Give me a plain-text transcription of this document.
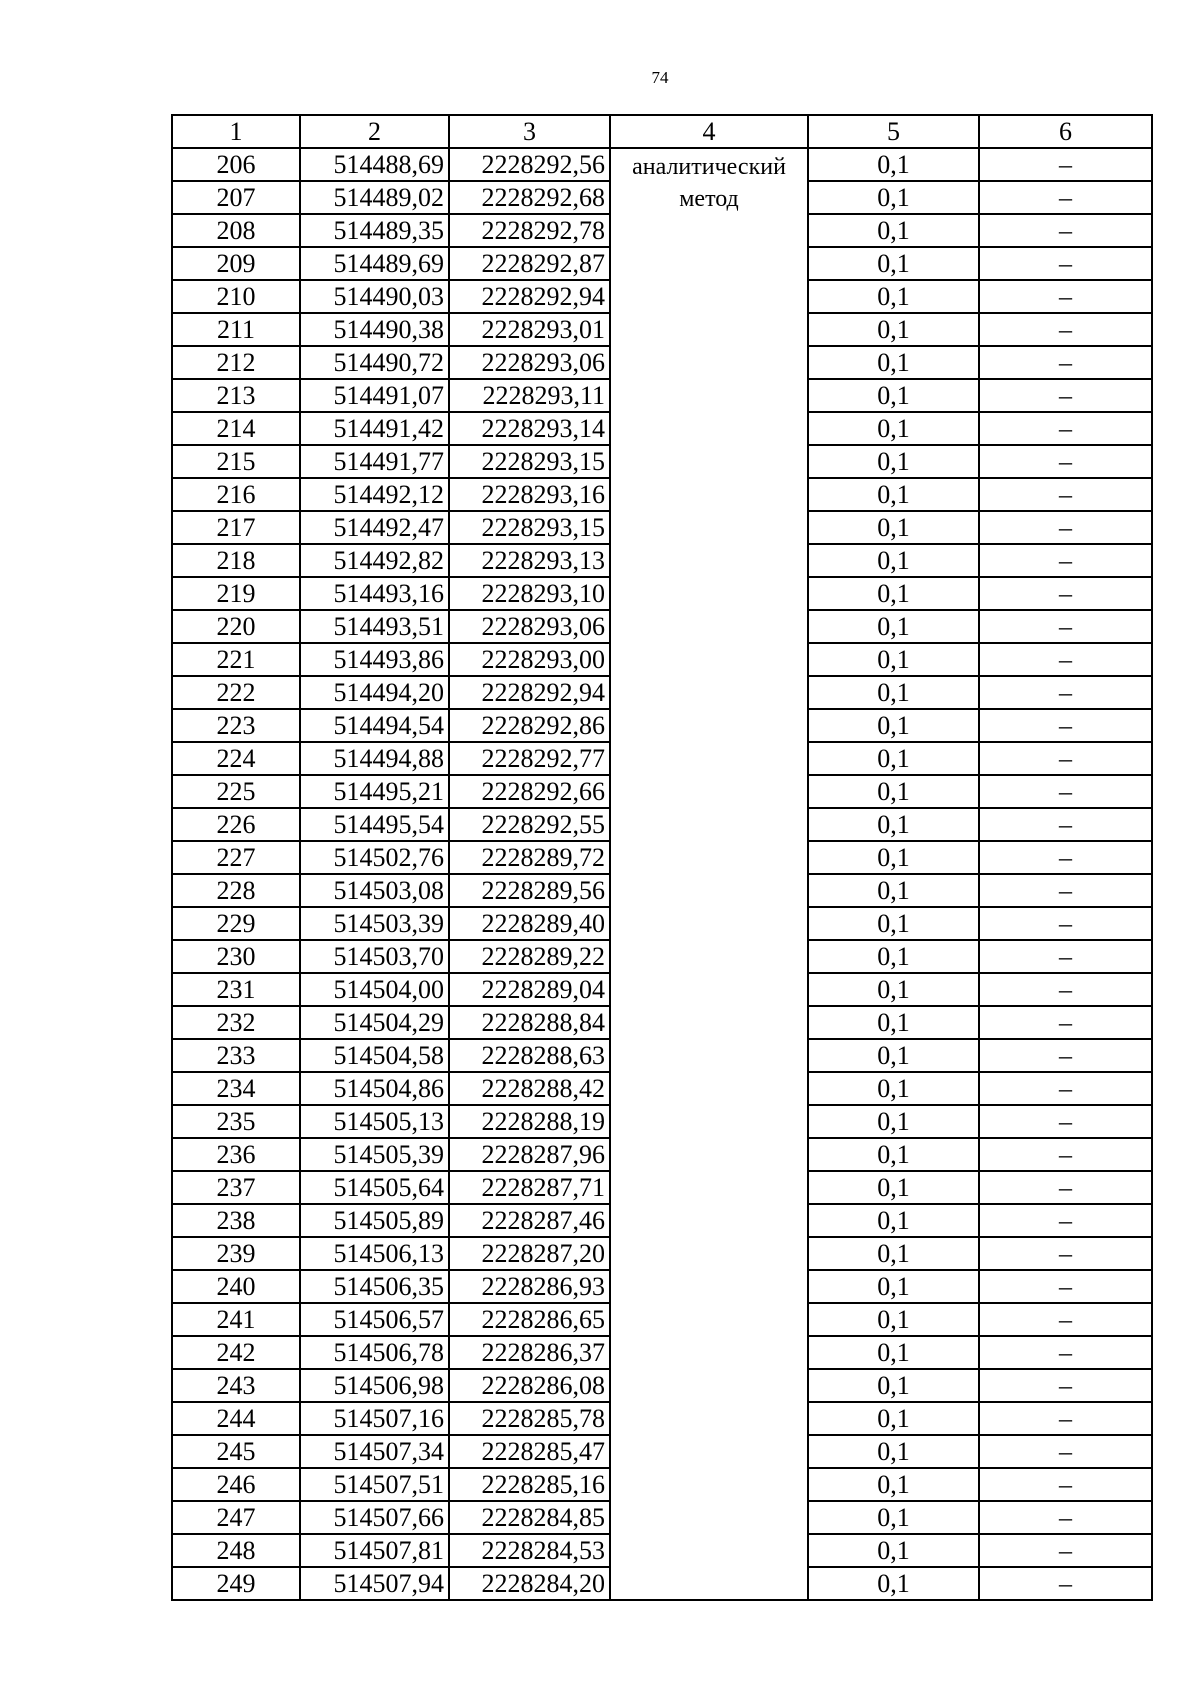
74
1	2	3	4	5	6
206	514488,69	2228292,56	аналитический метод	0,1	–
207	514489,02	2228292,68		0,1	–
208	514489,35	2228292,78		0,1	–
209	514489,69	2228292,87		0,1	–
210	514490,03	2228292,94		0,1	–
211	514490,38	2228293,01		0,1	–
212	514490,72	2228293,06		0,1	–
213	514491,07	2228293,11		0,1	–
214	514491,42	2228293,14		0,1	–
215	514491,77	2228293,15		0,1	–
216	514492,12	2228293,16		0,1	–
217	514492,47	2228293,15		0,1	–
218	514492,82	2228293,13		0,1	–
219	514493,16	2228293,10		0,1	–
220	514493,51	2228293,06		0,1	–
221	514493,86	2228293,00		0,1	–
222	514494,20	2228292,94		0,1	–
223	514494,54	2228292,86		0,1	–
224	514494,88	2228292,77		0,1	–
225	514495,21	2228292,66		0,1	–
226	514495,54	2228292,55		0,1	–
227	514502,76	2228289,72		0,1	–
228	514503,08	2228289,56		0,1	–
229	514503,39	2228289,40		0,1	–
230	514503,70	2228289,22		0,1	–
231	514504,00	2228289,04		0,1	–
232	514504,29	2228288,84		0,1	–
233	514504,58	2228288,63		0,1	–
234	514504,86	2228288,42		0,1	–
235	514505,13	2228288,19		0,1	–
236	514505,39	2228287,96		0,1	–
237	514505,64	2228287,71		0,1	–
238	514505,89	2228287,46		0,1	–
239	514506,13	2228287,20		0,1	–
240	514506,35	2228286,93		0,1	–
241	514506,57	2228286,65		0,1	–
242	514506,78	2228286,37		0,1	–
243	514506,98	2228286,08		0,1	–
244	514507,16	2228285,78		0,1	–
245	514507,34	2228285,47		0,1	–
246	514507,51	2228285,16		0,1	–
247	514507,66	2228284,85		0,1	–
248	514507,81	2228284,53		0,1	–
249	514507,94	2228284,20		0,1	–
